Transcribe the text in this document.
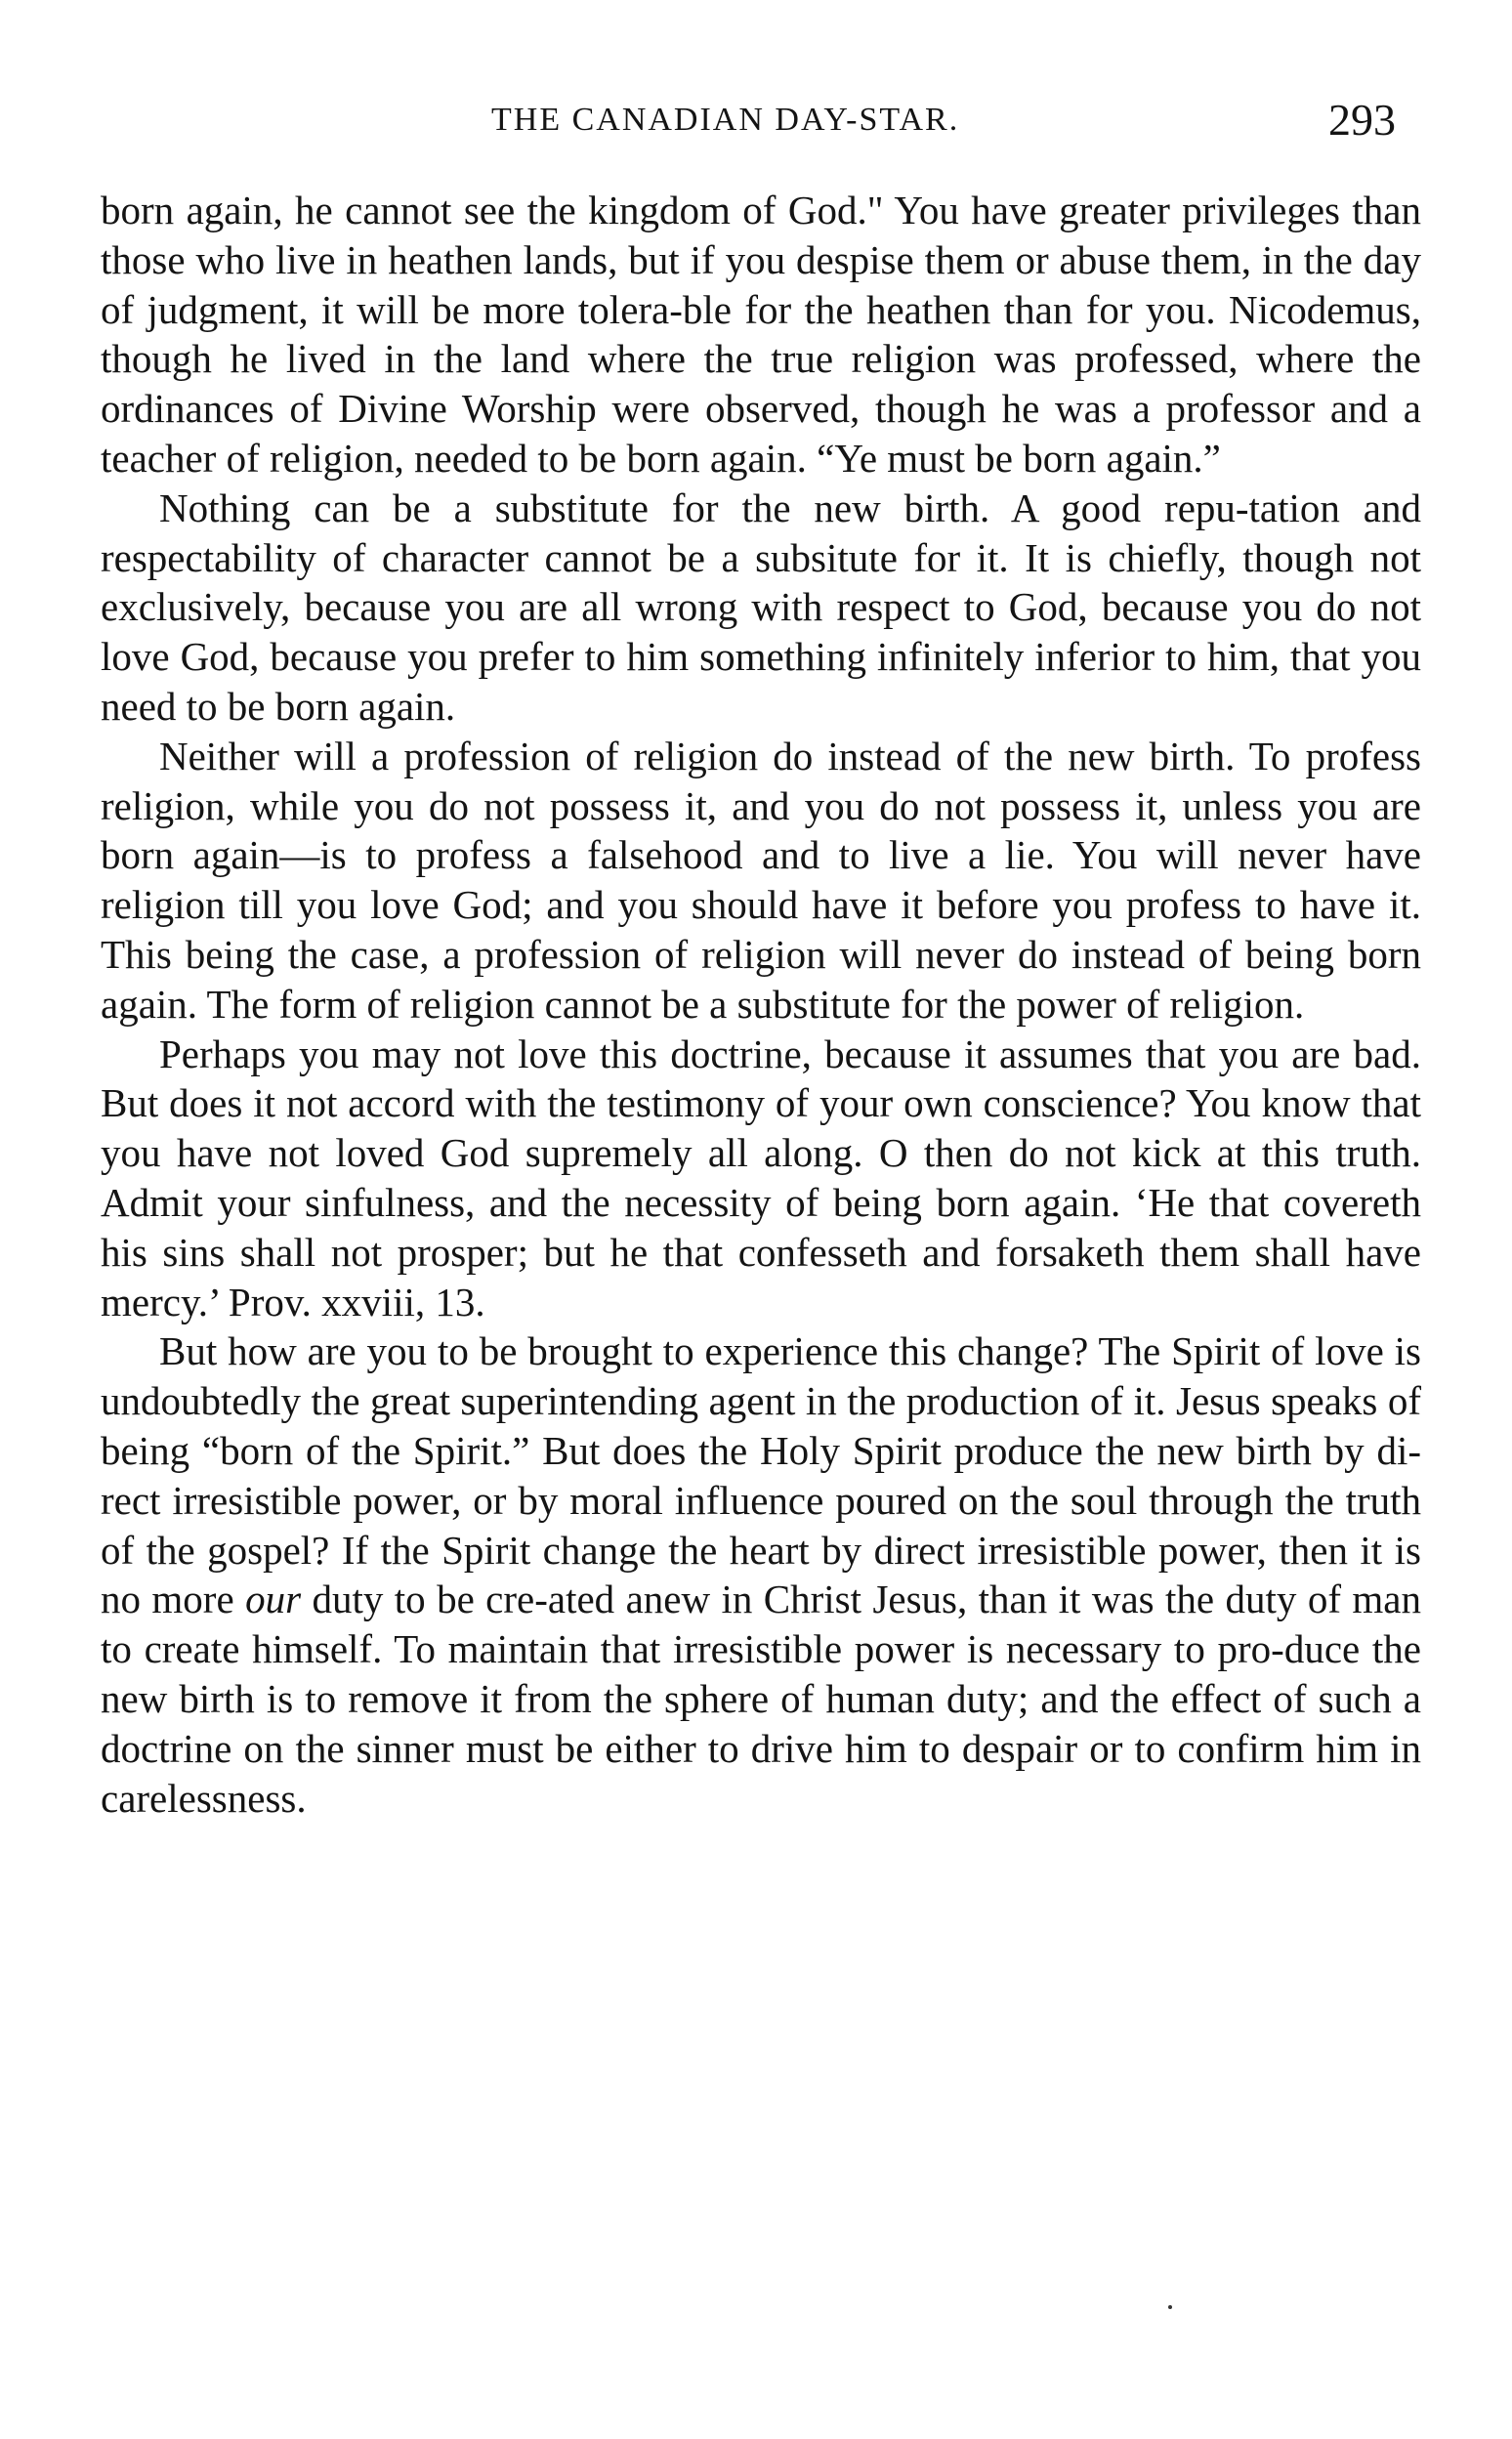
THE CANADIAN DAY-STAR.	293

born again, he cannot see the kingdom of God." You have greater privileges than those who live in heathen lands, but if you despise them or abuse them, in the day of judgment, it will be more tolera-ble for the heathen than for you. Nicodemus, though he lived in the land where the true religion was professed, where the ordinances of Divine Worship were observed, though he was a professor and a teacher of religion, needed to be born again. “Ye must be born again.”

Nothing can be a substitute for the new birth. A good repu-tation and respectability of character cannot be a subsitute for it. It is chiefly, though not exclusively, because you are all wrong with respect to God, because you do not love God, because you prefer to him something infinitely inferior to him, that you need to be born again.

Neither will a profession of religion do instead of the new birth. To profess religion, while you do not possess it, and you do not possess it, unless you are born again—is to profess a falsehood and to live a lie. You will never have religion till you love God; and you should have it before you profess to have it. This being the case, a profession of religion will never do instead of being born again. The form of religion cannot be a substitute for the power of religion.

Perhaps you may not love this doctrine, because it assumes that you are bad. But does it not accord with the testimony of your own conscience? You know that you have not loved God supremely all along. O then do not kick at this truth. Admit your sinfulness, and the necessity of being born again. ‘He that covereth his sins shall not prosper; but he that confesseth and forsaketh them shall have mercy.’ Prov. xxviii, 13.

But how are you to be brought to experience this change? The Spirit of love is undoubtedly the great superintending agent in the production of it. Jesus speaks of being “born of the Spirit.” But does the Holy Spirit produce the new birth by di-rect irresistible power, or by moral influence poured on the soul through the truth of the gospel? If the Spirit change the heart by direct irresistible power, then it is no more our duty to be cre-ated anew in Christ Jesus, than it was the duty of man to create himself. To maintain that irresistible power is necessary to pro-duce the new birth is to remove it from the sphere of human duty; and the effect of such a doctrine on the sinner must be either to drive him to despair or to confirm him in carelessness.
